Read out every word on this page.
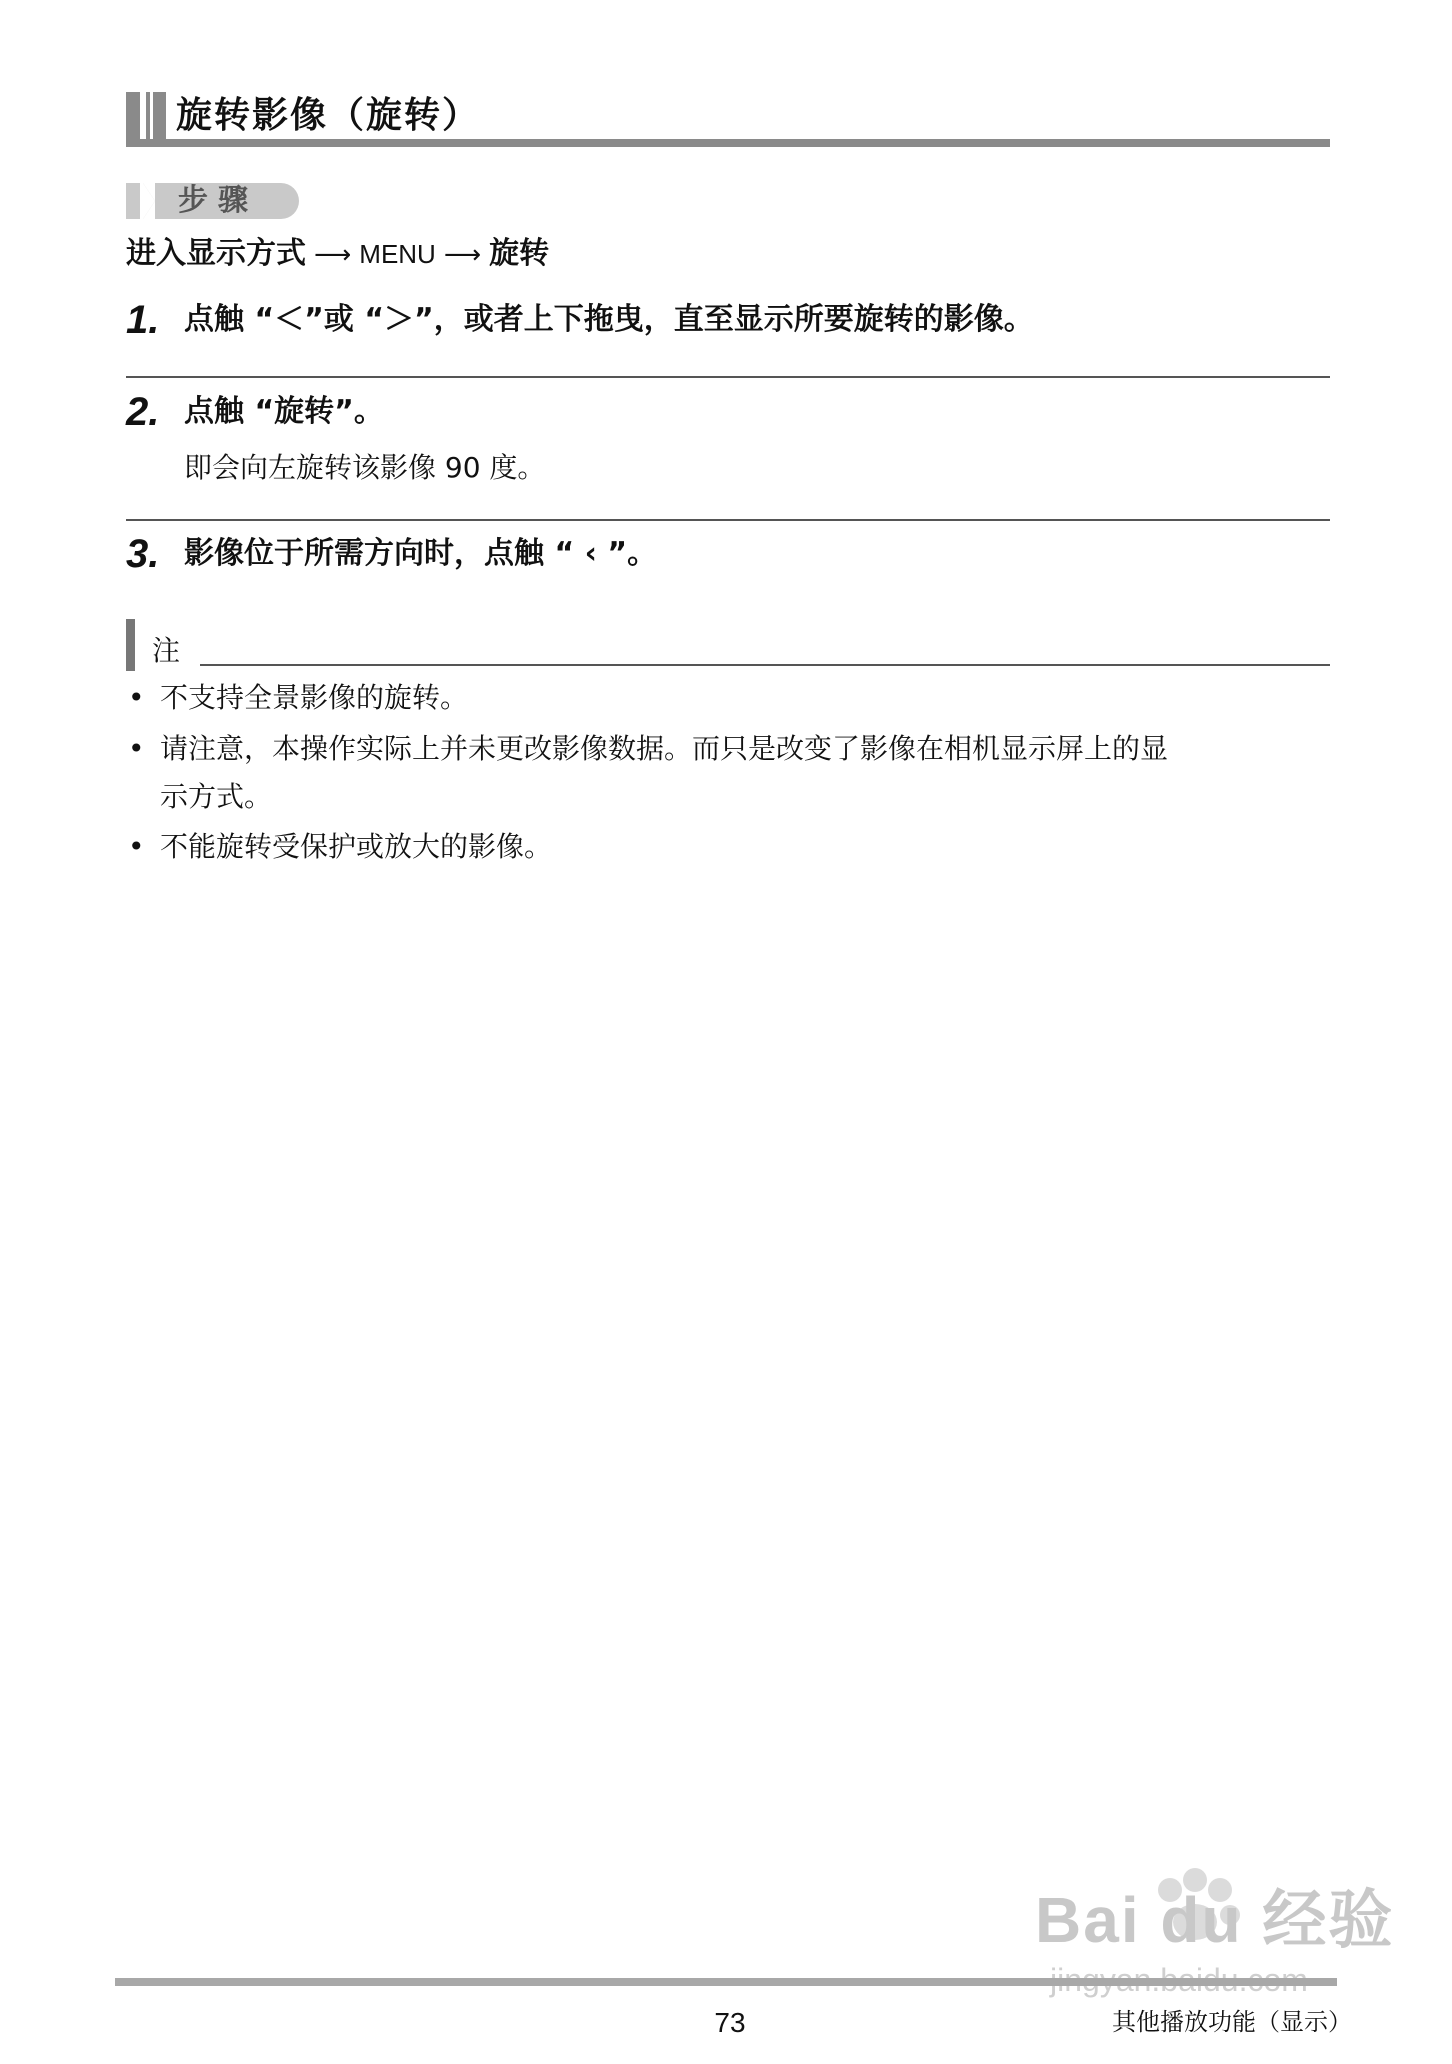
旋转影像（旋转）
步骤
进入显示方式 ⟶ MENU ⟶ 旋转
1. 点触 “＜”或 “＞”，或者上下拖曳，直至显示所要旋转的影像。
2. 点触 “旋转”。
即会向左旋转该影像 90 度。
3. 影像位于所需方向时，点触 “ ‹ ”。
注
• 不支持全景影像的旋转。
• 请注意，本操作实际上并未更改影像数据。而只是改变了影像在相机显示屏上的显
示方式。
• 不能旋转受保护或放大的影像。
Bai du 经验
73	其他播放功能（显示）
